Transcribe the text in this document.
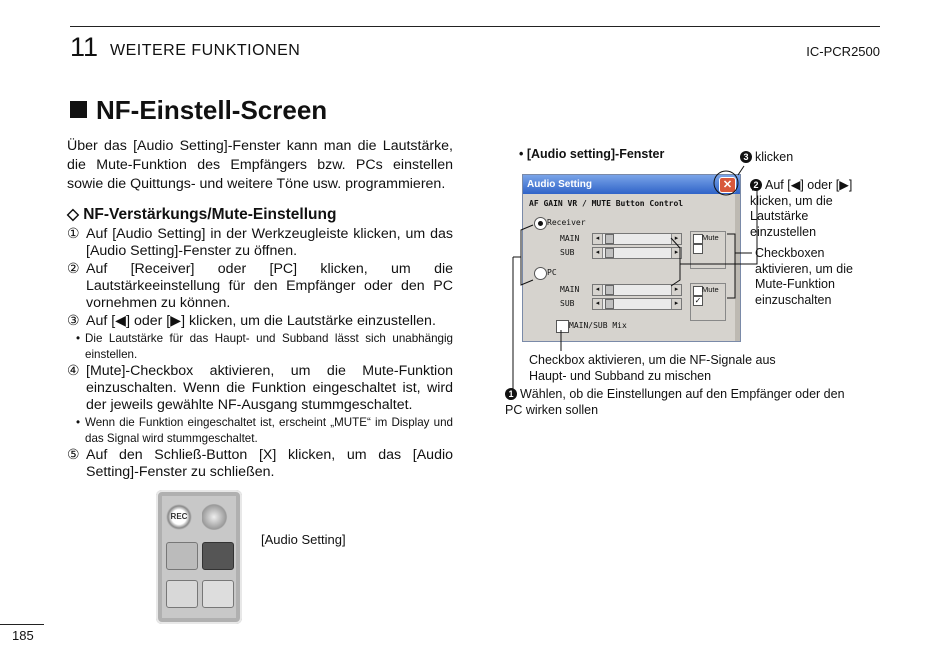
11 WEITERE FUNKTIONEN	IC-PCR2500
NF-Einstell-Screen
Über das [Audio Setting]-Fenster kann man die Lautstärke, die Mute-Funktion des Empfängers bzw. PCs einstellen sowie die Quittungs- und weitere Töne usw. programmieren.
◇ NF-Verstärkungs/Mute-Einstellung
① Auf [Audio Setting] in der Werkzeugleiste klicken, um das [Audio Setting]-Fenster zu öffnen.
② Auf [Receiver] oder [PC] klicken, um die Lautstärkeeinstellung für den Empfänger oder den PC vornehmen zu können.
③ Auf [◀] oder [▶] klicken, um die Lautstärke einzustellen.
• Die Lautstärke für das Haupt- und Subband lässt sich unabhängig einstellen.
④ [Mute]-Checkbox aktivieren, um die Mute-Funktion einzuschalten. Wenn die Funktion eingeschaltet ist, wird der jeweils gewählte NF-Ausgang stummgeschaltet.
• Wenn die Funktion eingeschaltet ist, erscheint „MUTE“ im Display und das Signal wird stummgeschaltet.
⑤ Auf den Schließ-Button [X] klicken, um das [Audio Setting]-Fenster zu schließen.
REC
[Audio Setting]
• [Audio setting]-Fenster
Audio Setting	✕
AF GAIN VR / MUTE Button Control
Receiver
MAIN
SUB
◂	▸
◂	▸
Mute
PC
MAIN
SUB
◂	▸
◂	▸
Mute
✓
MAIN/SUB Mix
3 klicken
2 Auf [◀] oder [▶] klicken, um die Lautstärke einzustellen
Checkboxen aktivieren, um die Mute-Funktion einzuschalten
Checkbox aktivieren, um die NF-Signale aus Haupt- und Subband zu mischen
1 Wählen, ob die Einstellungen auf den Empfänger oder den PC wirken sollen
185
